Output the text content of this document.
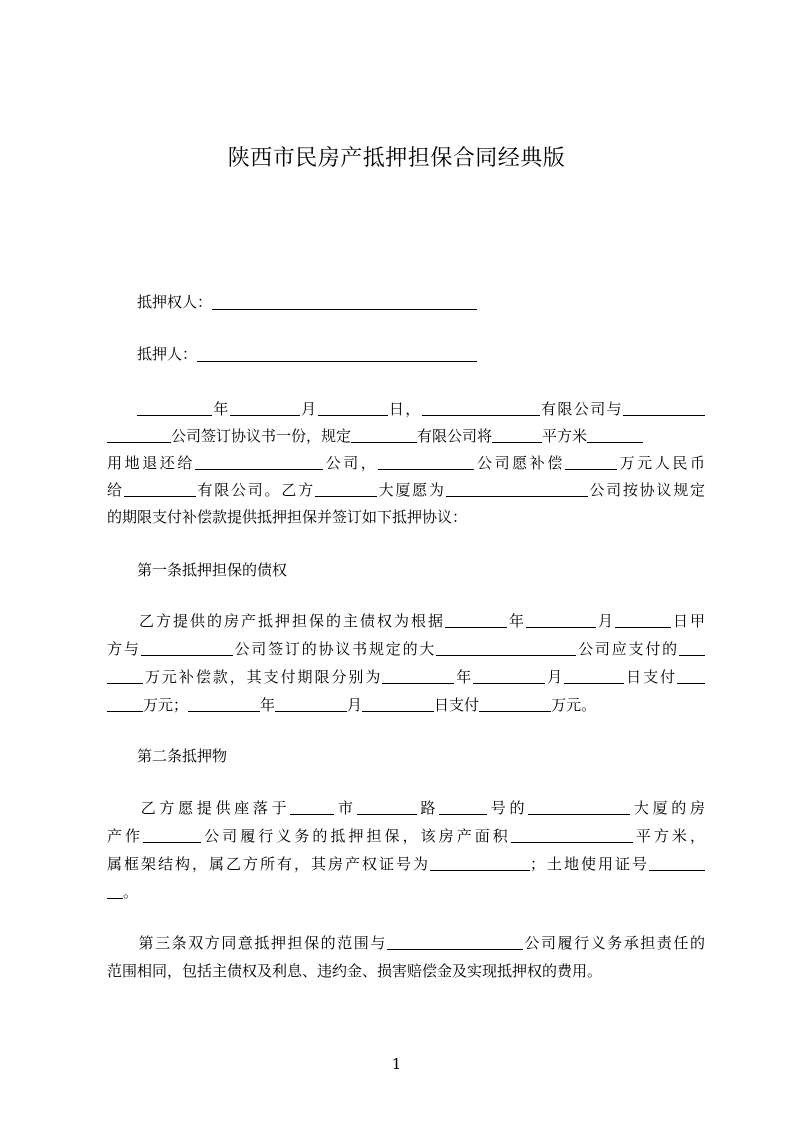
陕西市民房产抵押担保合同经典版
抵押权人：
抵押人：
年	月	日，	有限公司与
公司签订协议书一份，规定	有限公司将	平方米
用地退还给	公司，	公司愿补偿	万元人民币
给	有限公司。乙方	大厦愿为	公司按协议规定
的期限支付补偿款提供抵押担保并签订如下抵押协议：
第一条抵押担保的债权
乙方提供的房产抵押担保的主债权为根据	年	月	日甲
方与	公司签订的协议书规定的大	公司应支付的
万元补偿款，其支付期限分别为	年	月	日支付
万元；	年	月	日支付	万元。
第二条抵押物
乙方愿提供座落于	市	路	号的	大厦的房
产作	公司履行义务的抵押担保，该房产面积	平方米，
属框架结构，属乙方所有，其房产权证号为	；土地使用证号
。
第三条双方同意抵押担保的范围与	公司履行义务承担责任的
范围相同，包括主债权及利息、违约金、损害赔偿金及实现抵押权的费用。
1
